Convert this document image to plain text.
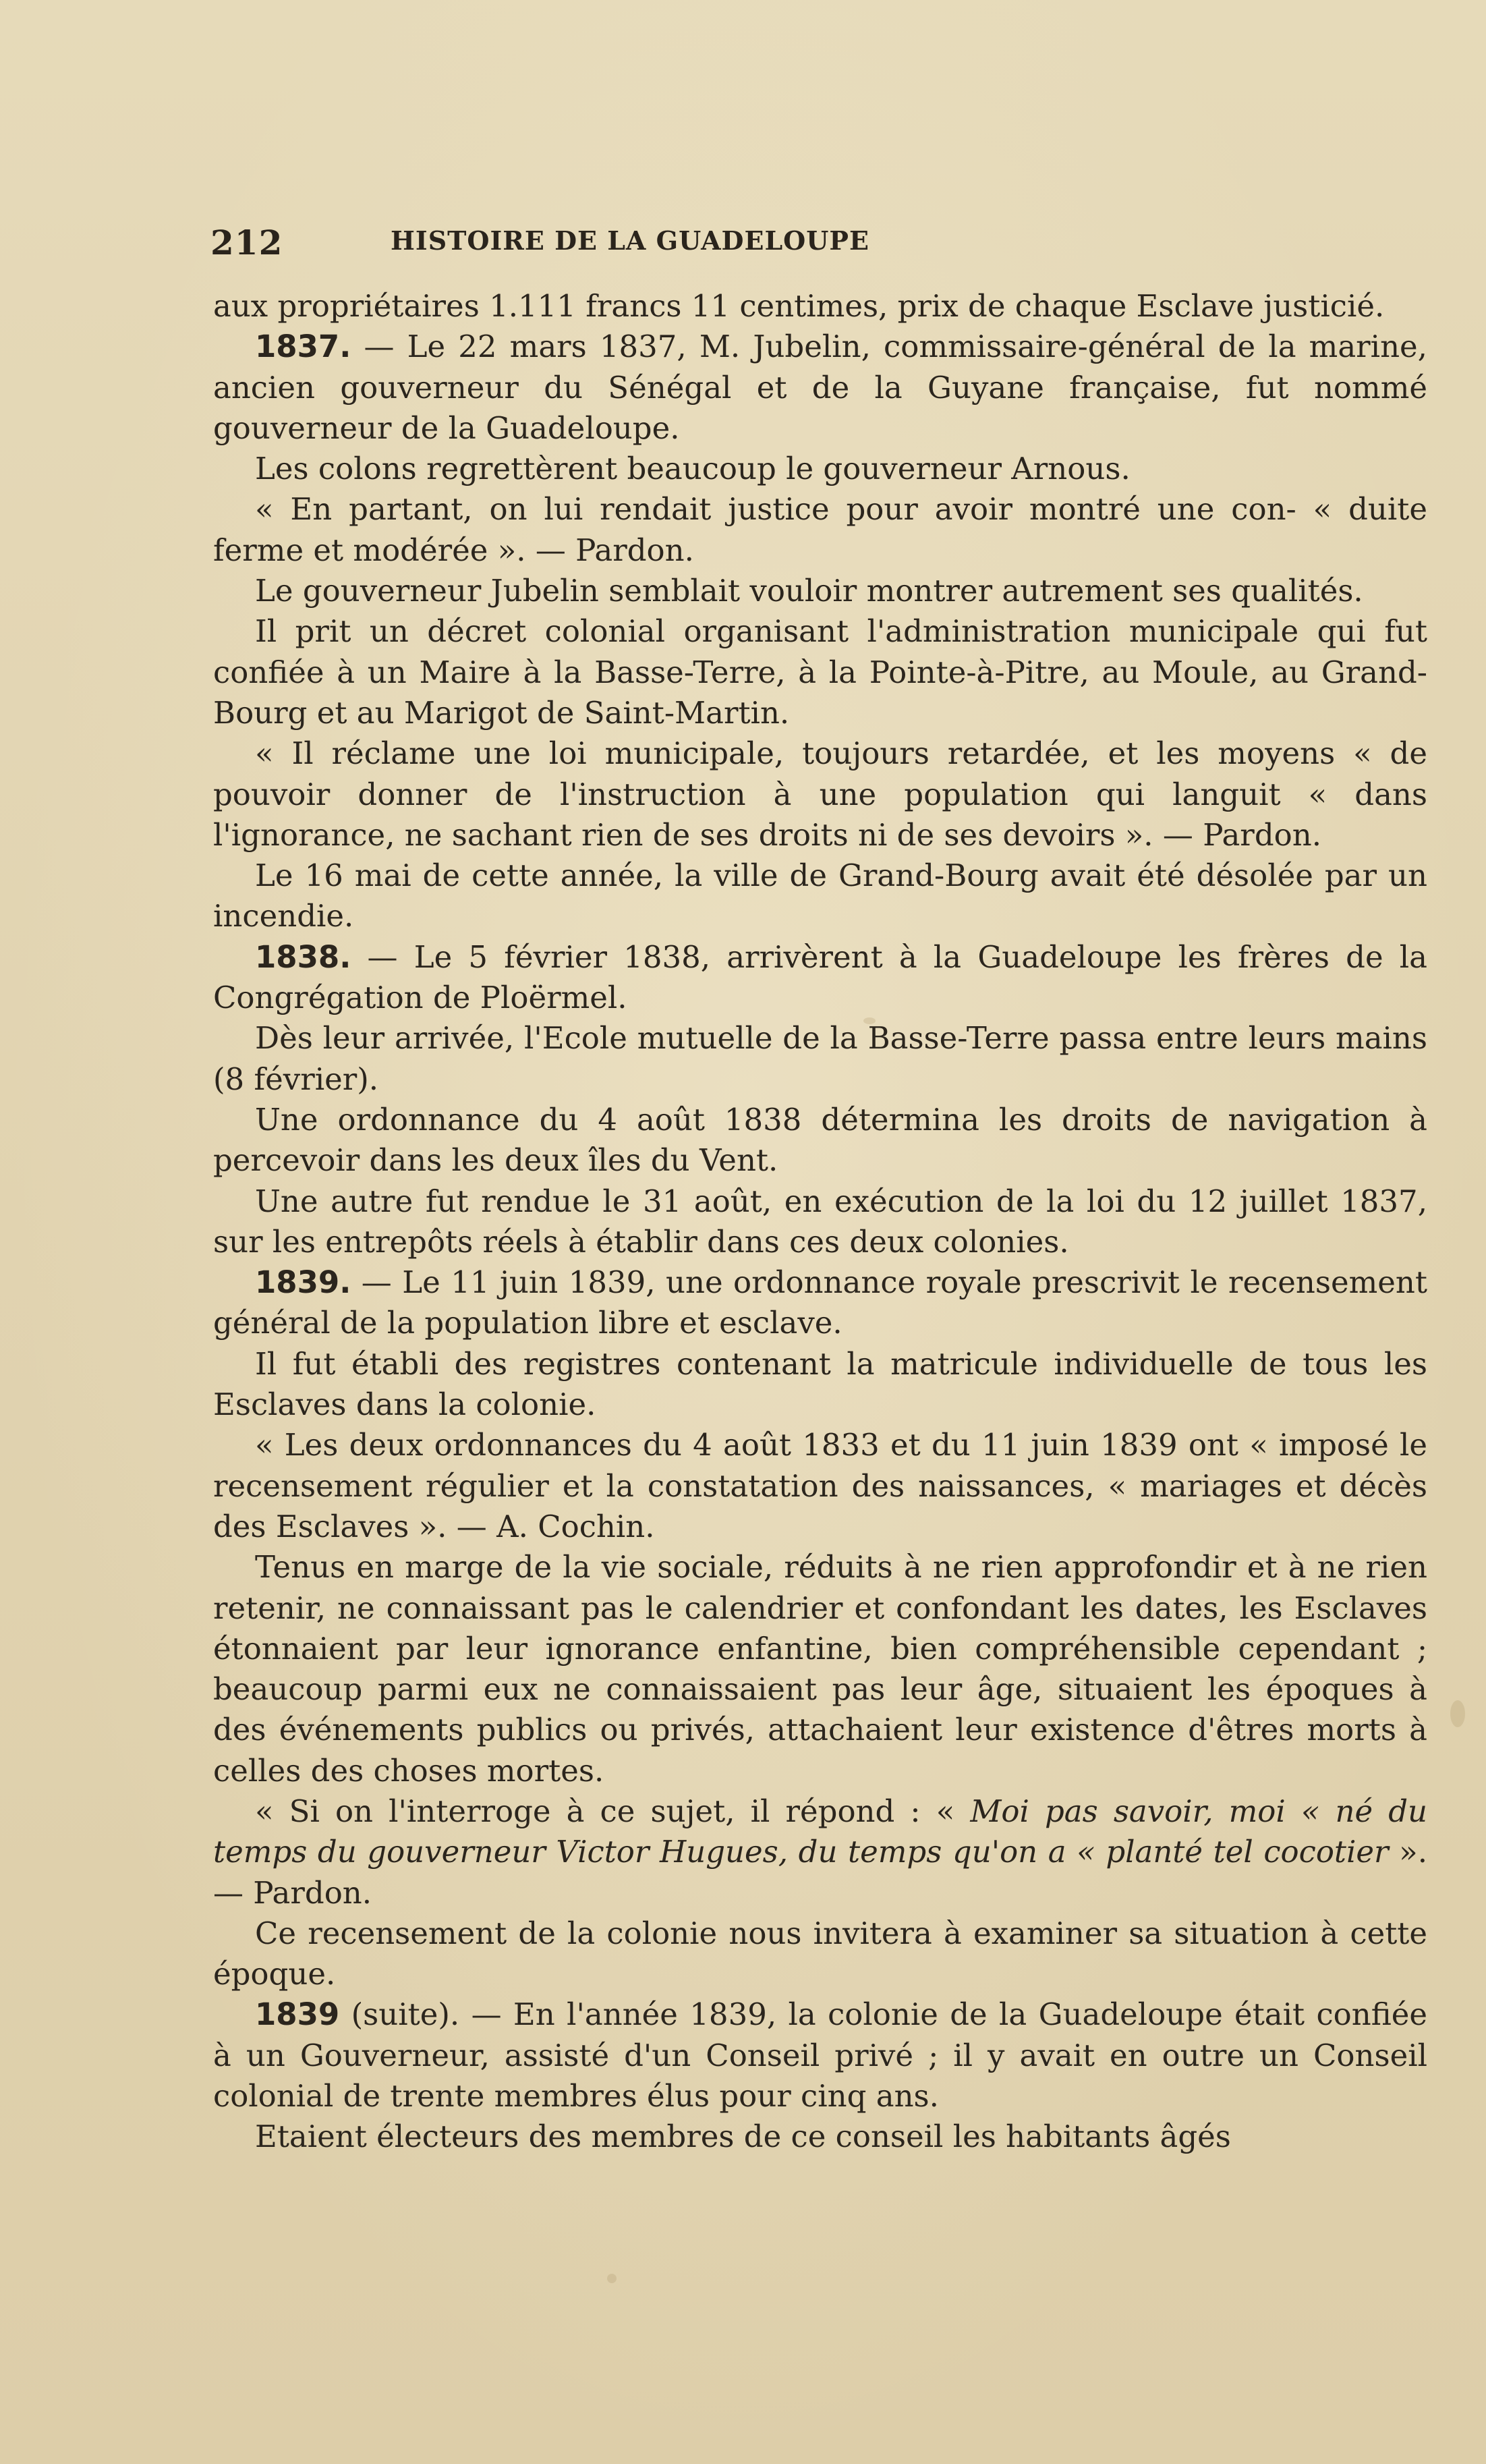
212	HISTOIRE DE LA GUADELOUPE

aux propriétaires 1.111 francs 11 centimes, prix de chaque Esclave justicié.

1837. — Le 22 mars 1837, M. Jubelin, commissaire-général de la marine, ancien gouverneur du Sénégal et de la Guyane française, fut nommé gouverneur de la Guadeloupe.

Les colons regrettèrent beaucoup le gouverneur Arnous.

« En partant, on lui rendait justice pour avoir montré une con- « duite ferme et modérée ». — Pardon.

Le gouverneur Jubelin semblait vouloir montrer autrement ses qualités.

Il prit un décret colonial organisant l'administration municipale qui fut confiée à un Maire à la Basse-Terre, à la Pointe-à-Pitre, au Moule, au Grand-Bourg et au Marigot de Saint-Martin.

« Il réclame une loi municipale, toujours retardée, et les moyens « de pouvoir donner de l'instruction à une population qui languit « dans l'ignorance, ne sachant rien de ses droits ni de ses devoirs ». — Pardon.

Le 16 mai de cette année, la ville de Grand-Bourg avait été désolée par un incendie.

1838. — Le 5 février 1838, arrivèrent à la Guadeloupe les frères de la Congrégation de Ploërmel.

Dès leur arrivée, l'Ecole mutuelle de la Basse-Terre passa entre leurs mains (8 février).

Une ordonnance du 4 août 1838 détermina les droits de navigation à percevoir dans les deux îles du Vent.

Une autre fut rendue le 31 août, en exécution de la loi du 12 juillet 1837, sur les entrepôts réels à établir dans ces deux colonies.

1839. — Le 11 juin 1839, une ordonnance royale prescrivit le recensement général de la population libre et esclave.

Il fut établi des registres contenant la matricule individuelle de tous les Esclaves dans la colonie.

« Les deux ordonnances du 4 août 1833 et du 11 juin 1839 ont « imposé le recensement régulier et la constatation des naissances, « mariages et décès des Esclaves ». — A. Cochin.

Tenus en marge de la vie sociale, réduits à ne rien approfondir et à ne rien retenir, ne connaissant pas le calendrier et confondant les dates, les Esclaves étonnaient par leur ignorance enfantine, bien compréhensible cependant ; beaucoup parmi eux ne connaissaient pas leur âge, situaient les époques à des événements publics ou privés, attachaient leur existence d'êtres morts à celles des choses mortes.

« Si on l'interroge à ce sujet, il répond : « Moi pas savoir, moi « né du temps du gouverneur Victor Hugues, du temps qu'on a « planté tel cocotier ». — Pardon.

Ce recensement de la colonie nous invitera à examiner sa situation à cette époque.

1839 (suite). — En l'année 1839, la colonie de la Guadeloupe était confiée à un Gouverneur, assisté d'un Conseil privé ; il y avait en outre un Conseil colonial de trente membres élus pour cinq ans.

Etaient électeurs des membres de ce conseil les habitants âgés
